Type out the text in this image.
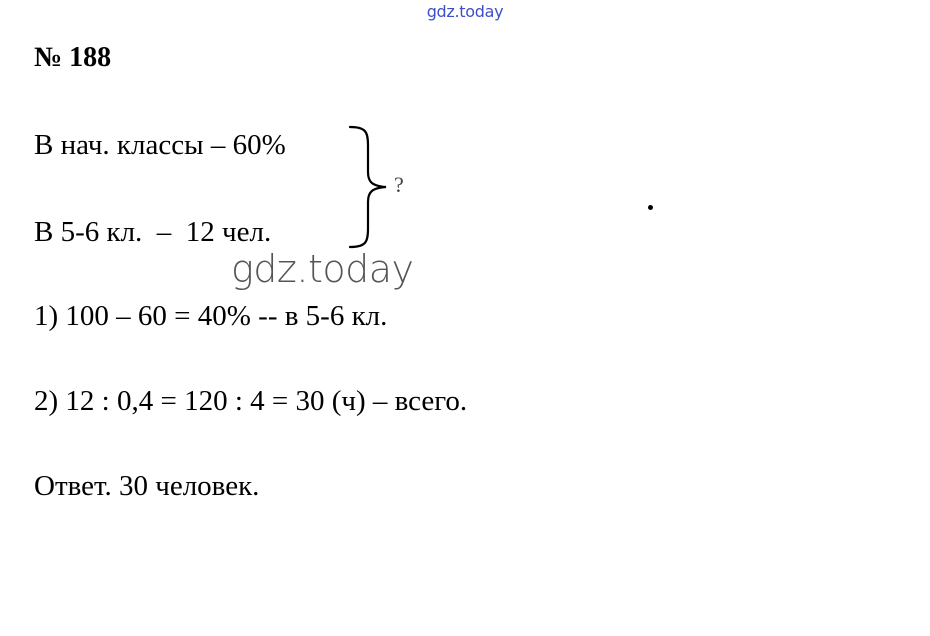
gdz.today
№ 188
В нач. классы – 60%
В 5-6 кл.  –  12 чел.
?
gdz.today
1) 100 – 60 = 40% -- в 5-6 кл.
2) 12 : 0,4 = 120 : 4 = 30 (ч) – всего.
Ответ. 30 человек.
